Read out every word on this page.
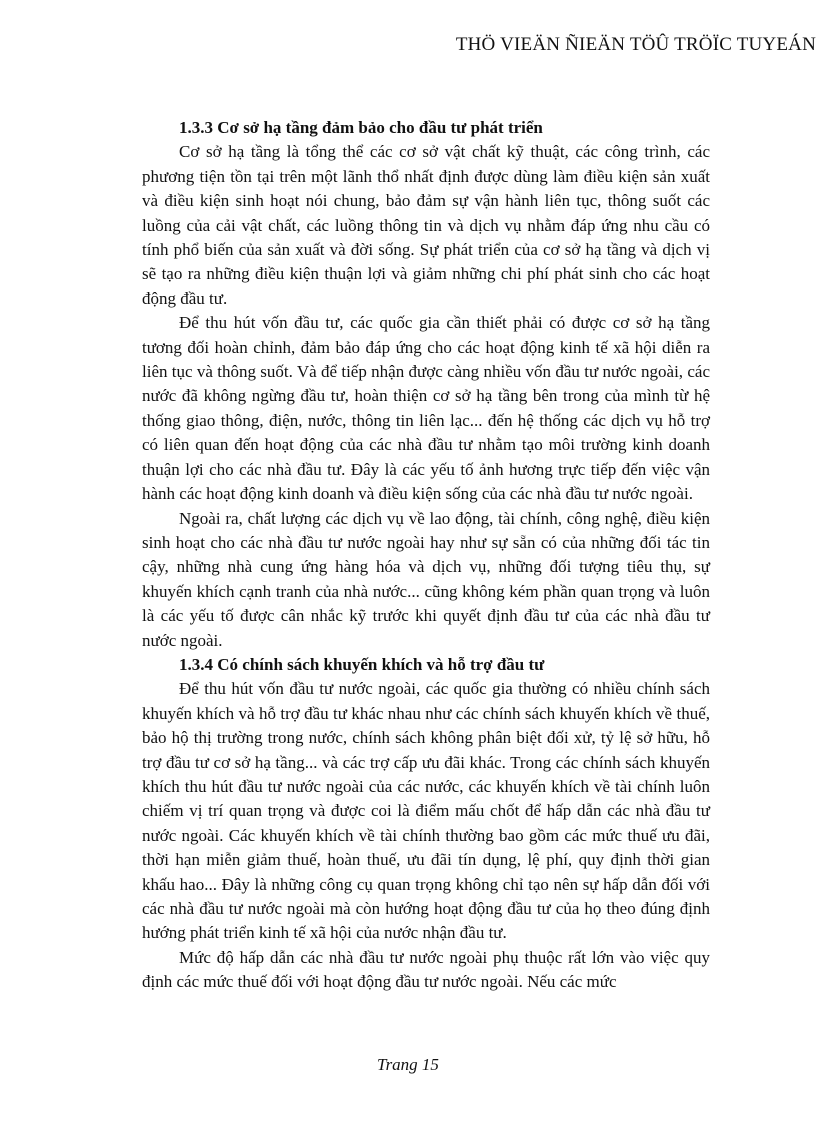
THÖ VIEÄN ÑIEÄN TÖÛ TRÖÏC TUYEÁN
1.3.3 Cơ sở hạ tầng đảm bảo cho đầu tư phát triển

Cơ sở hạ tầng là tổng thể các cơ sở vật chất kỹ thuật, các công trình, các phương tiện tồn tại trên một lãnh thổ nhất định được dùng làm điều kiện sản xuất và điều kiện sinh hoạt nói chung, bảo đảm sự vận hành liên tục, thông suốt các luồng của cải vật chất, các luồng thông tin và dịch vụ nhằm đáp ứng nhu cầu có tính phổ biến của sản xuất và đời sống. Sự phát triển của cơ sở hạ tầng và dịch vị sẽ tạo ra những điều kiện thuận lợi và giảm những chi phí phát sinh cho các hoạt động đầu tư.

Để thu hút vốn đầu tư, các quốc gia cần thiết phải có được cơ sở hạ tầng tương đối hoàn chỉnh, đảm bảo đáp ứng cho các hoạt động kinh tế xã hội diễn ra liên tục và thông suốt. Và để tiếp nhận được càng nhiều vốn đầu tư nước ngoài, các nước đã không ngừng đầu tư, hoàn thiện cơ sở hạ tầng bên trong của mình từ hệ thống giao thông, điện, nước, thông tin liên lạc... đến hệ thống các dịch vụ hỗ trợ có liên quan đến hoạt động của các nhà đầu tư nhằm tạo môi trường kinh doanh thuận lợi cho các nhà đầu tư. Đây là các yếu tố ảnh hương trực tiếp đến việc vận hành các hoạt động kinh doanh và điều kiện sống của các nhà đầu tư nước ngoài.

Ngoài ra, chất lượng các dịch vụ về lao động, tài chính, công nghệ, điều kiện sinh hoạt cho các nhà đầu tư nước ngoài hay như sự sẵn có của những đối tác tin cậy, những nhà cung ứng hàng hóa và dịch vụ, những đối tượng tiêu thụ, sự khuyến khích cạnh tranh của nhà nước... cũng không kém phần quan trọng và luôn là các yếu tố được cân nhắc kỹ trước khi quyết định đầu tư của các nhà đầu tư nước ngoài.

1.3.4 Có chính sách khuyến khích và hỗ trợ đầu tư

Để thu hút vốn đầu tư nước ngoài, các quốc gia thường có nhiều chính sách khuyến khích và hỗ trợ đầu tư khác nhau như các chính sách khuyến khích về thuế, bảo hộ thị trường trong nước, chính sách không phân biệt đối xử, tỷ lệ sở hữu, hỗ trợ đầu tư cơ sở hạ tầng... và các trợ cấp ưu đãi khác. Trong các chính sách khuyến khích thu hút đầu tư nước ngoài của các nước, các khuyến khích về tài chính luôn chiếm vị trí quan trọng và được coi là điểm mấu chốt để hấp dẫn các nhà đầu tư nước ngoài. Các khuyến khích về tài chính thường bao gồm các mức thuế ưu đãi, thời hạn miễn giảm thuế, hoàn thuế, ưu đãi tín dụng, lệ phí, quy định thời gian khấu hao... Đây là những công cụ quan trọng không chỉ tạo nên sự hấp dẫn đối với các nhà đầu tư nước ngoài mà còn hướng hoạt động đầu tư của họ theo đúng định hướng phát triển kinh tế xã hội của nước nhận đầu tư.

Mức độ hấp dẫn các nhà đầu tư nước ngoài phụ thuộc rất lớn vào việc quy định các mức thuế đối với hoạt động đầu tư nước ngoài. Nếu các mức

Trang 15
